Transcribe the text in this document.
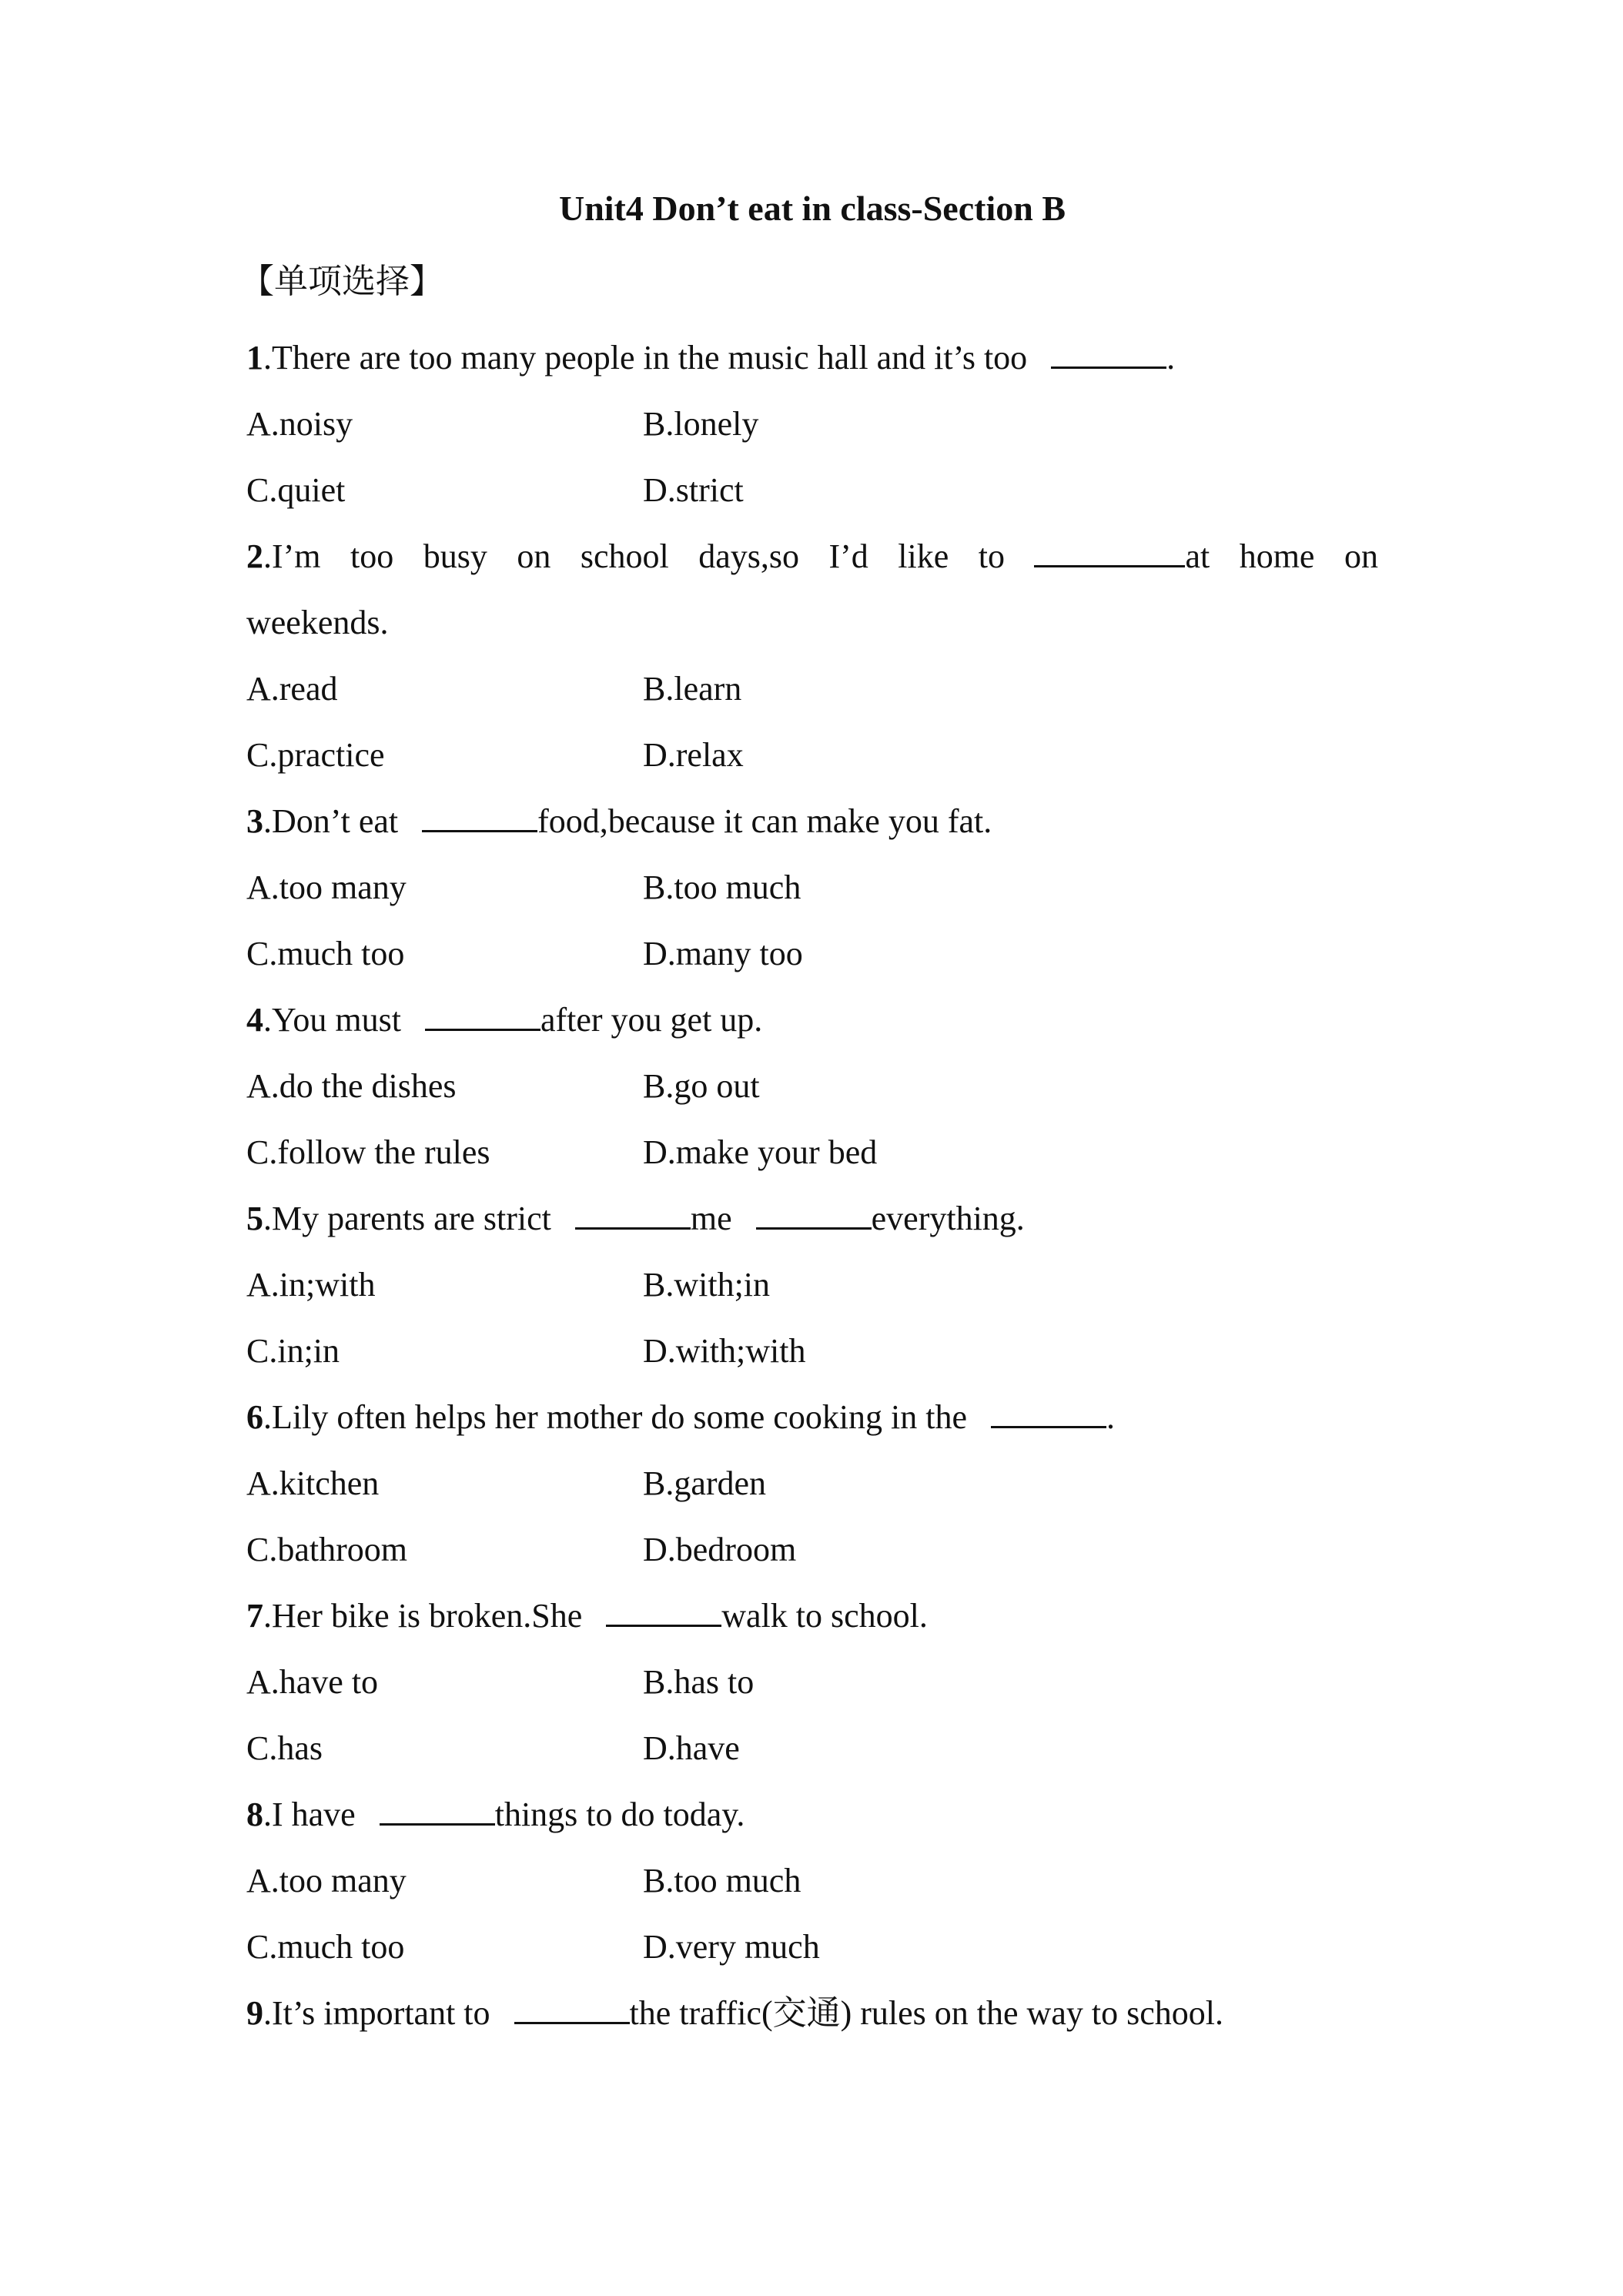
Unit4 Don’t eat in class-Section B
【单项选择】
1.There are too many people in the music hall and it’s too	.
A.noisy	B.lonely
C.quiet	D.strict
2.I’m too busy on school days,so I’d like to	at home on
weekends.
A.read	B.learn
C.practice	D.relax
3.Don’t eat	food,because it can make you fat.
A.too many	B.too much
C.much too	D.many too
4.You must	after you get up.
A.do the dishes	B.go out
C.follow the rules	D.make your bed
5.My parents are strict	me	everything.
A.in;with	B.with;in
C.in;in	D.with;with
6.Lily often helps her mother do some cooking in the	.
A.kitchen	B.garden
C.bathroom	D.bedroom
7.Her bike is broken.She	walk to school.
A.have to	B.has to
C.has	D.have
8.I have	things to do today.
A.too many	B.too much
C.much too	D.very much
9.It’s important to	the traffic(交通) rules on the way to school.
